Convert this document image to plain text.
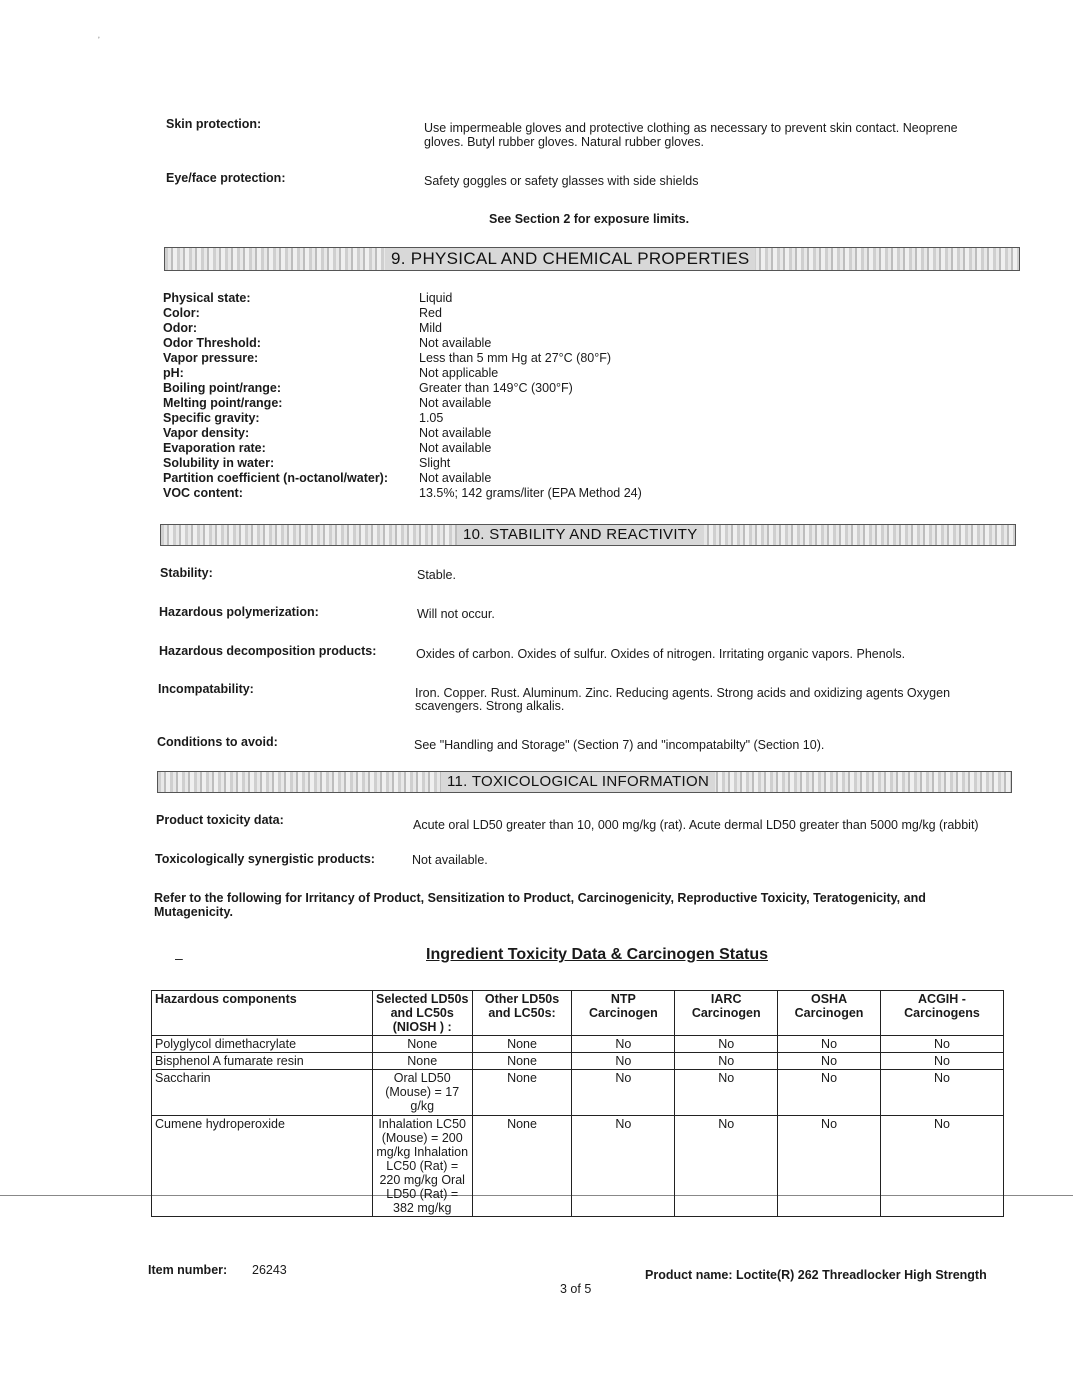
ʼ
Skin protection:	Use impermeable gloves and protective clothing as necessary to prevent skin contact. Neoprene
gloves. Butyl rubber gloves. Natural rubber gloves.
Eye/face protection:	Safety goggles or safety glasses with side shields
See Section 2 for exposure limits.
9. PHYSICAL AND CHEMICAL PROPERTIES
Physical state:	Liquid
Color:	Red
Odor:	Mild
Odor Threshold:	Not available
Vapor pressure:	Less than 5 mm Hg at 27°C (80°F)
pH:	Not applicable
Boiling point/range:	Greater than 149°C (300°F)
Melting point/range:	Not available
Specific gravity:	1.05
Vapor density:	Not available
Evaporation rate:	Not available
Solubility in water:	Slight
Partition coefficient (n-octanol/water): Not available
VOC content:	13.5%; 142 grams/liter (EPA Method 24)
10. STABILITY AND REACTIVITY
Stability:	Stable.
Hazardous polymerization:	Will not occur.
Hazardous decomposition products:	Oxides of carbon. Oxides of sulfur. Oxides of nitrogen. Irritating organic vapors. Phenols.
Incompatability:	Iron. Copper. Rust. Aluminum. Zinc. Reducing agents. Strong acids and oxidizing agents Oxygen
scavengers. Strong alkalis.
Conditions to avoid:	See "Handling and Storage" (Section 7) and "incompatabilty" (Section 10).
11. TOXICOLOGICAL INFORMATION
Product toxicity data:	Acute oral LD50 greater than 10, 000 mg/kg (rat). Acute dermal LD50 greater than 5000 mg/kg (rabbit)
Toxicologically synergistic products:	Not available.
Refer to the following for Irritancy of Product, Sensitization to Product, Carcinogenicity, Reproductive Toxicity, Teratogenicity, and
Mutagenicity.
–	Ingredient Toxicity Data & Carcinogen Status
Hazardous components	Selected LD50s and LC50s (NIOSH ) :	Other LD50s and LC50s:	NTP Carcinogen	IARC Carcinogen	OSHA Carcinogen	ACGIH - Carcinogens
Polyglycol dimethacrylate	None	None	No	No	No	No
Bisphenol A fumarate resin	None	None	No	No	No	No
Saccharin	Oral LD50 (Mouse) = 17 g/kg	None	No	No	No	No
Cumene hydroperoxide	Inhalation LC50 (Mouse) = 200 mg/kg Inhalation LC50 (Rat) = 220 mg/kg Oral LD50 (Rat) = 382 mg/kg	None	No	No	No	No
Item number: 26243	Product name: Loctite(R) 262 Threadlocker High Strength
3 of 5
